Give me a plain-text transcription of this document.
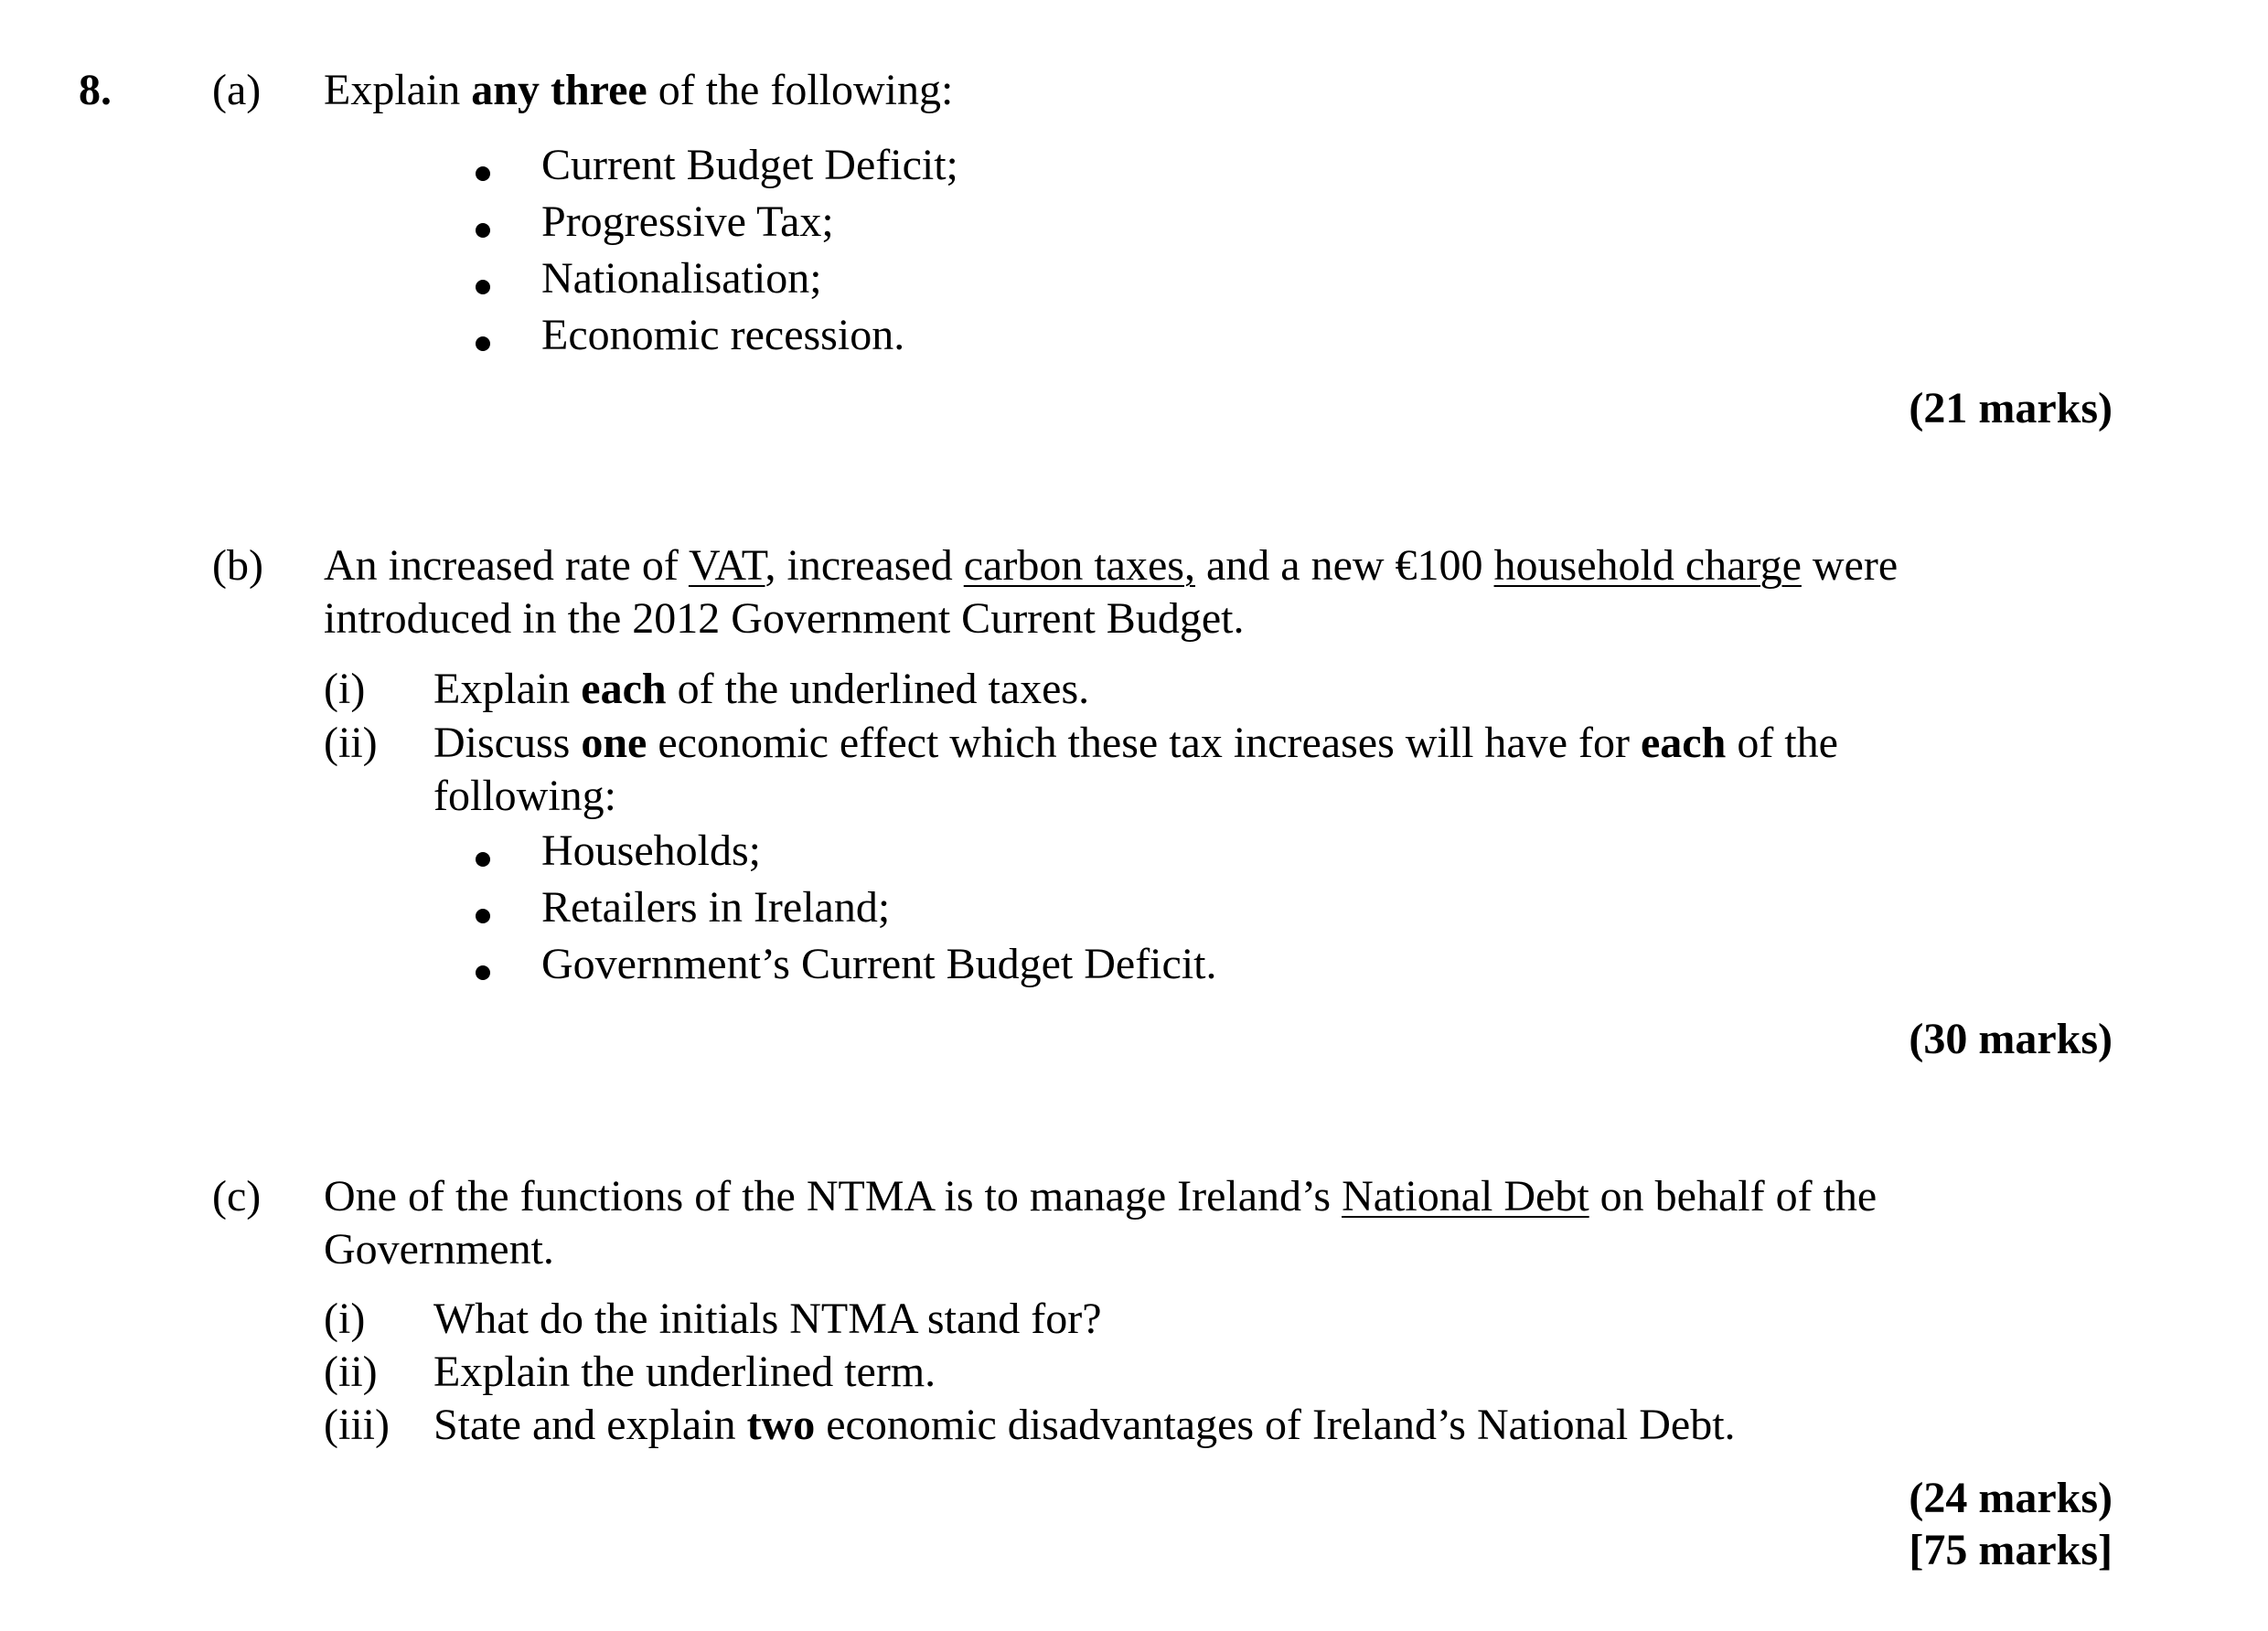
8. (a) Explain any three of the following:
Current Budget Deficit;
Progressive Tax;
Nationalisation;
Economic recession.
(21 marks)
(b) An increased rate of VAT, increased carbon taxes, and a new €100 household charge were
introduced in the 2012 Government Current Budget.
(i) Explain each of the underlined taxes.
(ii) Discuss one economic effect which these tax increases will have for each of the
following:
Households;
Retailers in Ireland;
Government’s Current Budget Deficit.
(30 marks)
(c) One of the functions of the NTMA is to manage Ireland’s National Debt on behalf of the
Government.
(i) What do the initials NTMA stand for?
(ii) Explain the underlined term.
(iii) State and explain two economic disadvantages of Ireland’s National Debt.
(24 marks)
[75 marks]
